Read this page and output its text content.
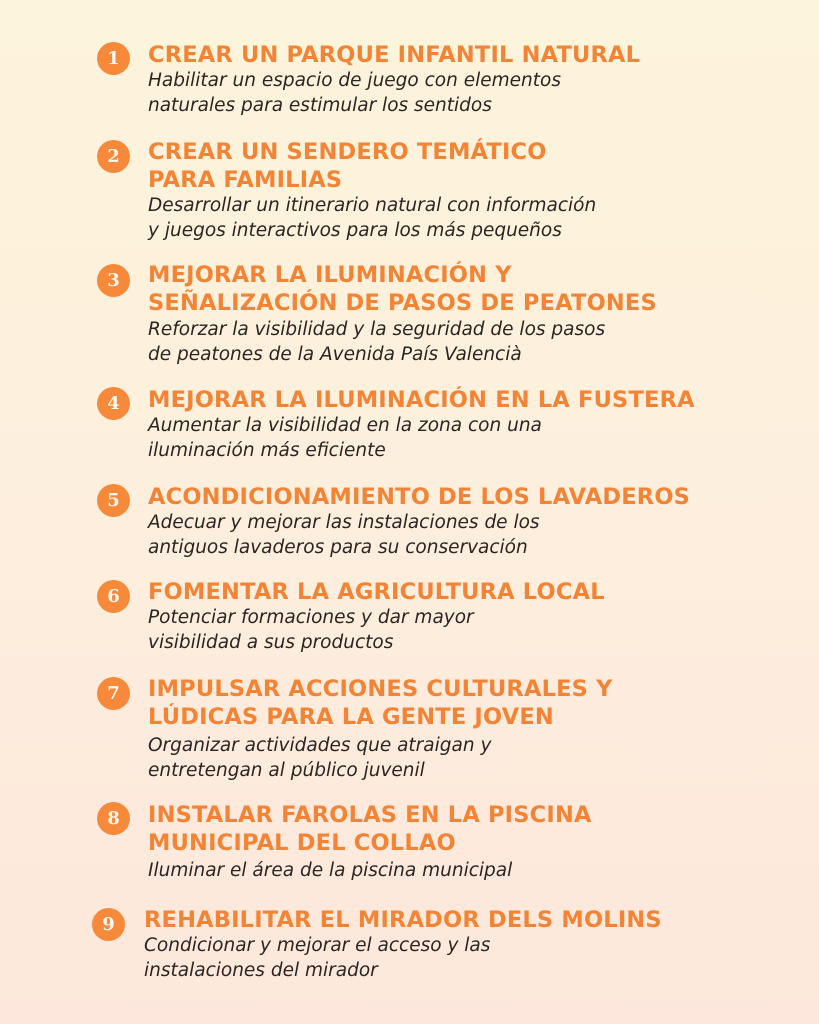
1	CREAR UN PARQUE INFANTIL NATURAL
Habilitar un espacio de juego con elementos
naturales para estimular los sentidos
2	CREAR UN SENDERO TEMÁTICO
PARA FAMILIAS
Desarrollar un itinerario natural con información
y juegos interactivos para los más pequeños
3	MEJORAR LA ILUMINACIÓN Y
SEÑALIZACIÓN DE PASOS DE PEATONES
Reforzar la visibilidad y la seguridad de los pasos
de peatones de la Avenida País Valencià
4	MEJORAR LA ILUMINACIÓN EN LA FUSTERA
Aumentar la visibilidad en la zona con una
iluminación más eficiente
5	ACONDICIONAMIENTO DE LOS LAVADEROS
Adecuar y mejorar las instalaciones de los
antiguos lavaderos para su conservación
6	FOMENTAR LA AGRICULTURA LOCAL
Potenciar formaciones y dar mayor
visibilidad a sus productos
7	IMPULSAR ACCIONES CULTURALES Y
LÚDICAS PARA LA GENTE JOVEN
Organizar actividades que atraigan y
entretengan al público juvenil
8	INSTALAR FAROLAS EN LA PISCINA
MUNICIPAL DEL COLLAO
Iluminar el área de la piscina municipal
9	REHABILITAR EL MIRADOR DELS MOLINS
Condicionar y mejorar el acceso y las
instalaciones del mirador
